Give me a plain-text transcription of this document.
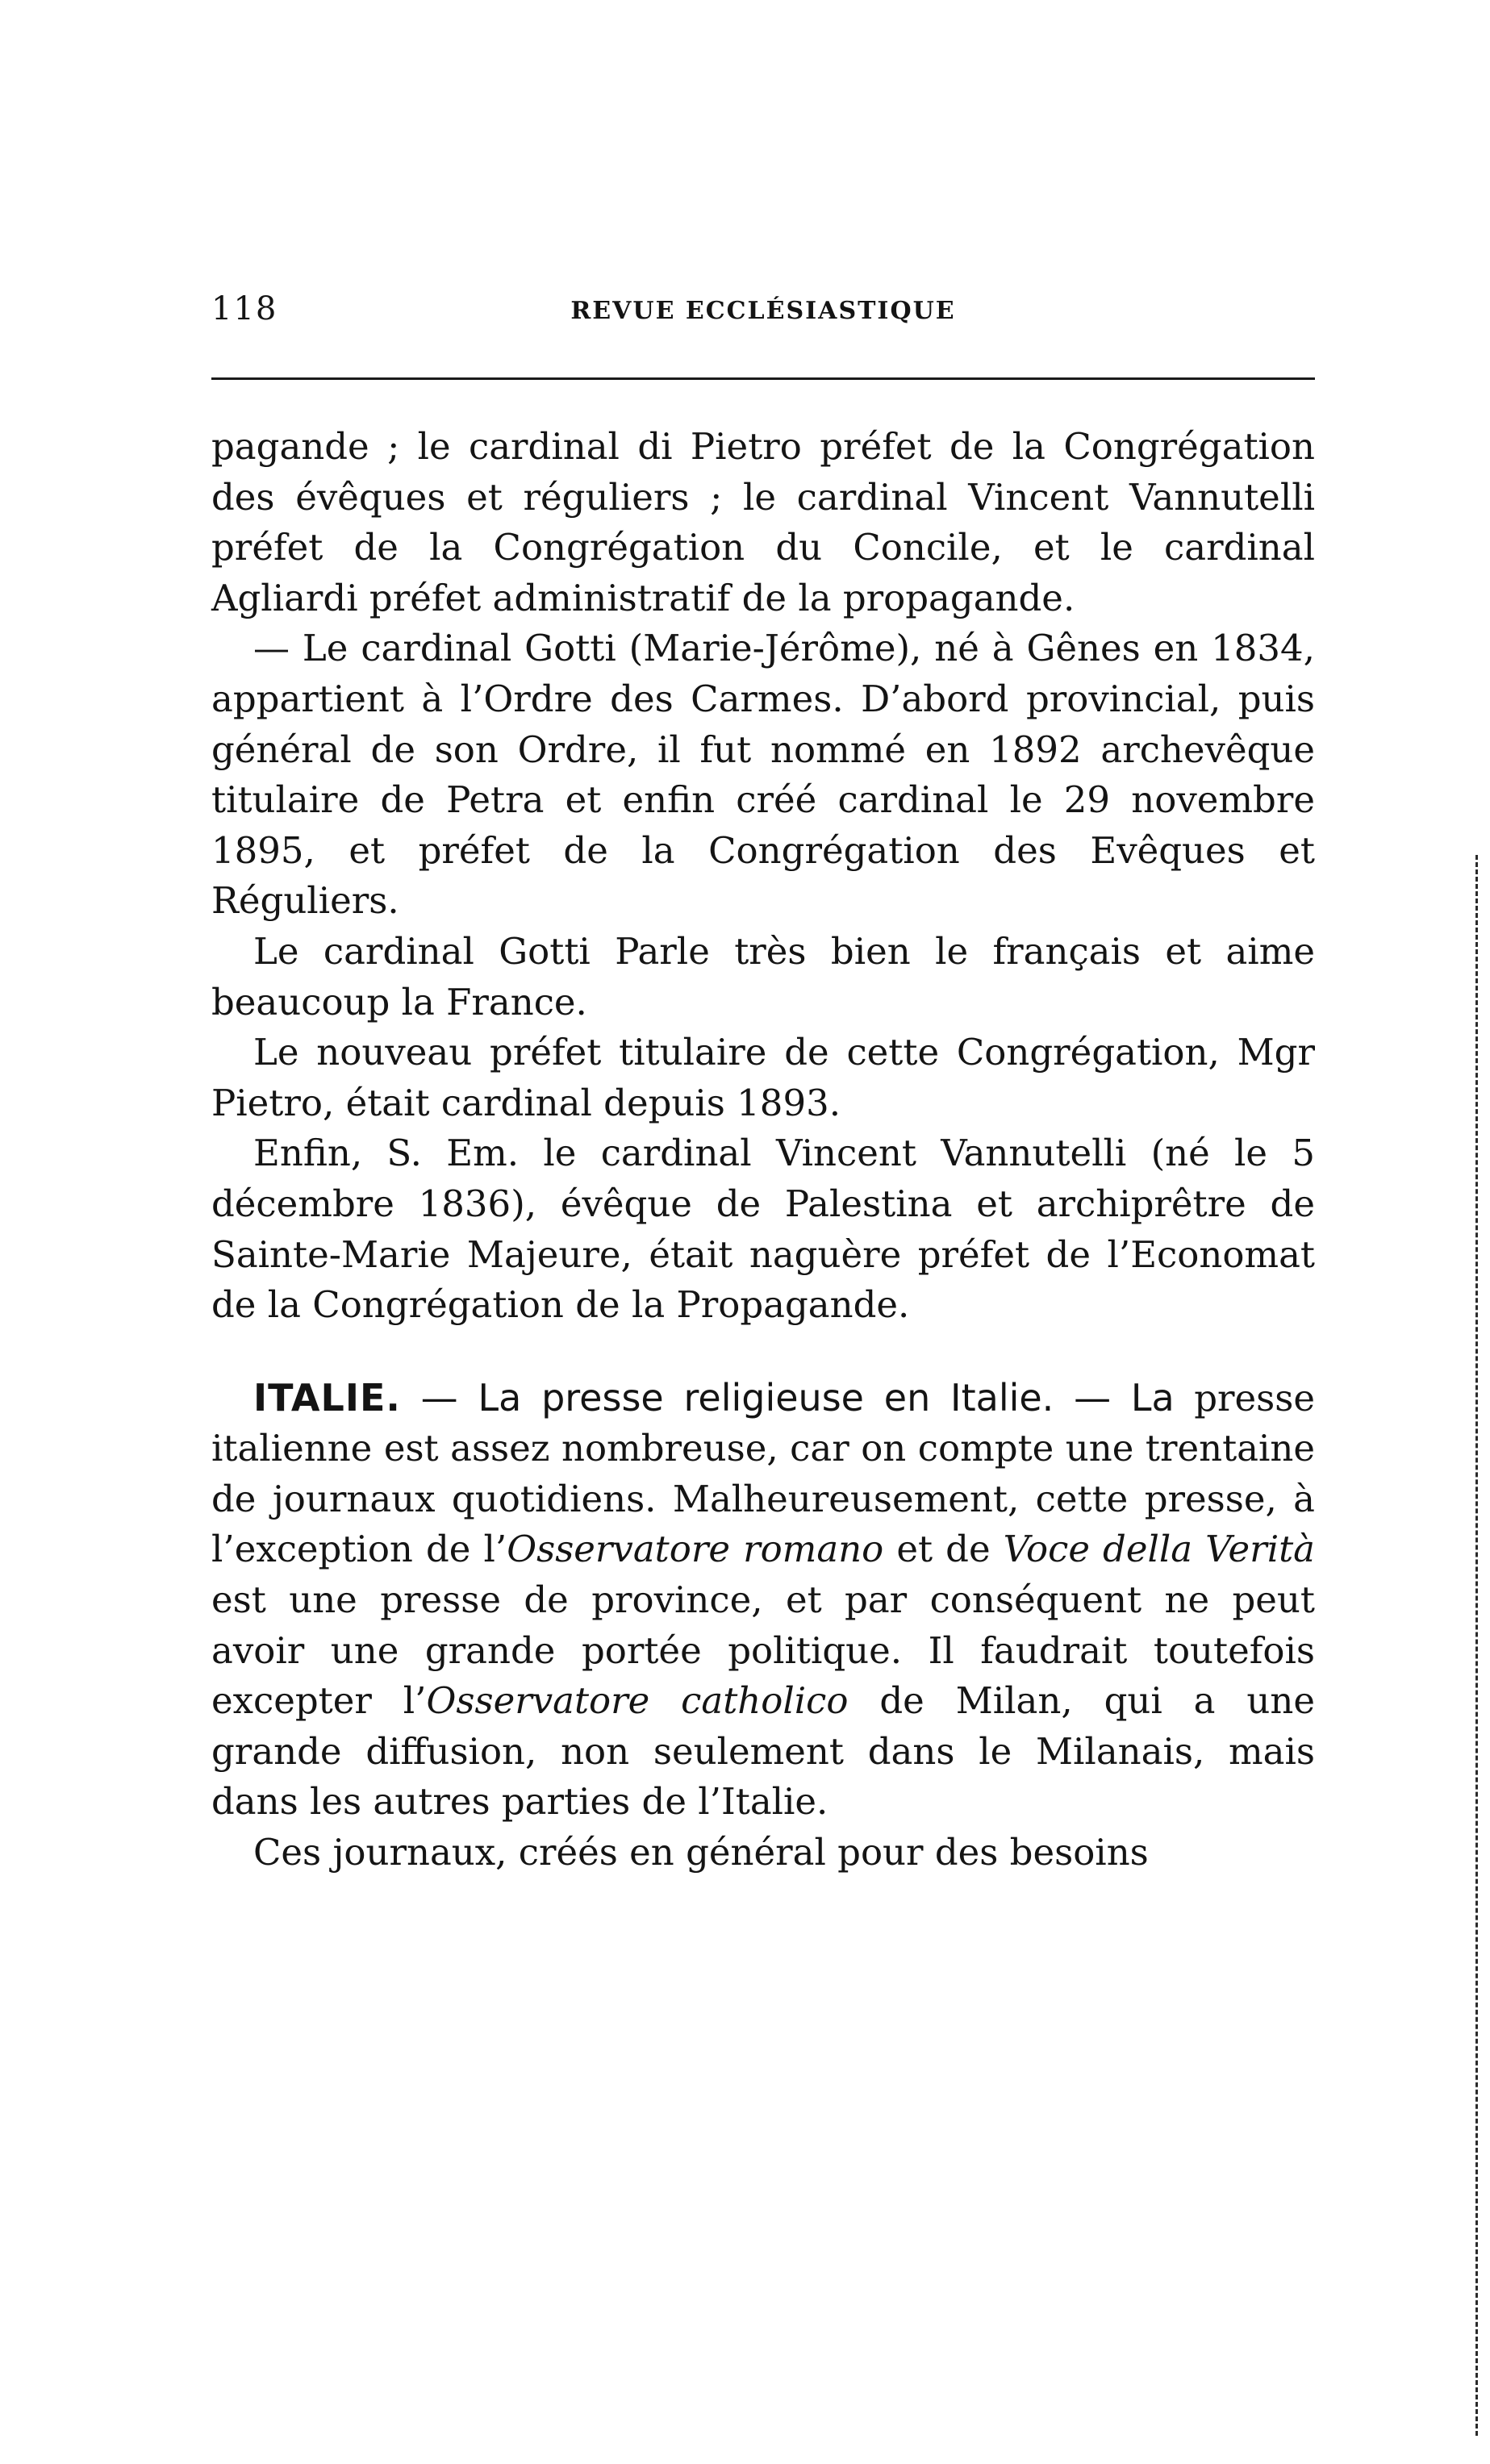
118	REVUE ECCLÉSIASTIQUE

pagande ; le cardinal di Pietro préfet de la Congrégation des évêques et réguliers ; le cardinal Vincent Vannutelli préfet de la Congrégation du Concile, et le cardinal Agliardi préfet administratif de la propagande.

— Le cardinal Gotti (Marie-Jérôme), né à Gênes en 1834, appartient à l’Ordre des Carmes. D’abord provincial, puis général de son Ordre, il fut nommé en 1892 archevêque titulaire de Petra et enfin créé cardinal le 29 novembre 1895, et préfet de la Congrégation des Evêques et Réguliers.

Le cardinal Gotti Parle très bien le français et aime beaucoup la France.

Le nouveau préfet titulaire de cette Congrégation, Mgr Pietro, était cardinal depuis 1893.

Enfin, S. Em. le cardinal Vincent Vannutelli (né le 5 décembre 1836), évêque de Palestina et archiprêtre de Sainte-Marie Majeure, était naguère préfet de l’Economat de la Congrégation de la Propagande.

ITALIE. — La presse religieuse en Italie. — La presse italienne est assez nombreuse, car on compte une trentaine de journaux quotidiens. Malheureusement, cette presse, à l’exception de l’Osservatore romano et de Voce della Verità est une presse de province, et par conséquent ne peut avoir une grande portée politique. Il faudrait toutefois excepter l’Osservatore catholico de Milan, qui a une grande diffusion, non seulement dans le Milanais, mais dans les autres parties de l’Italie.

Ces journaux, créés en général pour des besoins
